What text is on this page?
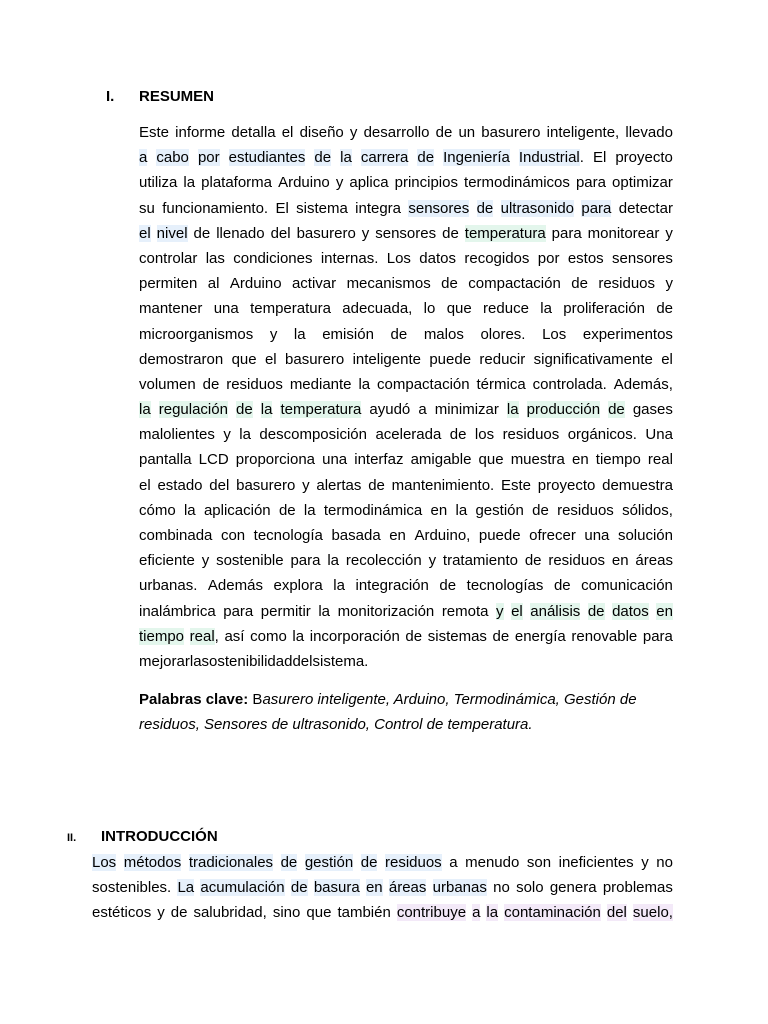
I. RESUMEN
Este informe detalla el diseño y desarrollo de un basurero inteligente, llevado
a cabo por estudiantes de la carrera de Ingeniería Industrial. El proyecto
utiliza la plataforma Arduino y aplica principios termodinámicos para optimizar
su funcionamiento. El sistema integra sensores de ultrasonido para detectar
el nivel de llenado del basurero y sensores de temperatura para monitorear y
controlar las condiciones internas. Los datos recogidos por estos sensores
permiten al Arduino activar mecanismos de compactación de residuos y
mantener una temperatura adecuada, lo que reduce la proliferación de
microorganismos y la emisión de malos olores. Los experimentos
demostraron que el basurero inteligente puede reducir significativamente el
volumen de residuos mediante la compactación térmica controlada. Además,
la regulación de la temperatura ayudó a minimizar la producción de gases
malolientes y la descomposición acelerada de los residuos orgánicos. Una
pantalla LCD proporciona una interfaz amigable que muestra en tiempo real
el estado del basurero y alertas de mantenimiento. Este proyecto demuestra
cómo la aplicación de la termodinámica en la gestión de residuos sólidos,
combinada con tecnología basada en Arduino, puede ofrecer una solución
eficiente y sostenible para la recolección y tratamiento de residuos en áreas
urbanas. Además explora la integración de tecnologías de comunicación
inalámbrica para permitir la monitorización remota y el análisis de datos en
tiempo real, así como la incorporación de sistemas de energía renovable para
mejorar la sostenibilidad del sistema.
Palabras clave: Basurero inteligente, Arduino, Termodinámica, Gestión de
residuos, Sensores de ultrasonido, Control de temperatura.
II. INTRODUCCIÓN
Los métodos tradicionales de gestión de residuos a menudo son ineficientes y no
sostenibles. La acumulación de basura en áreas urbanas no solo genera problemas
estéticos y de salubridad, sino que también contribuye a la contaminación del suelo,
